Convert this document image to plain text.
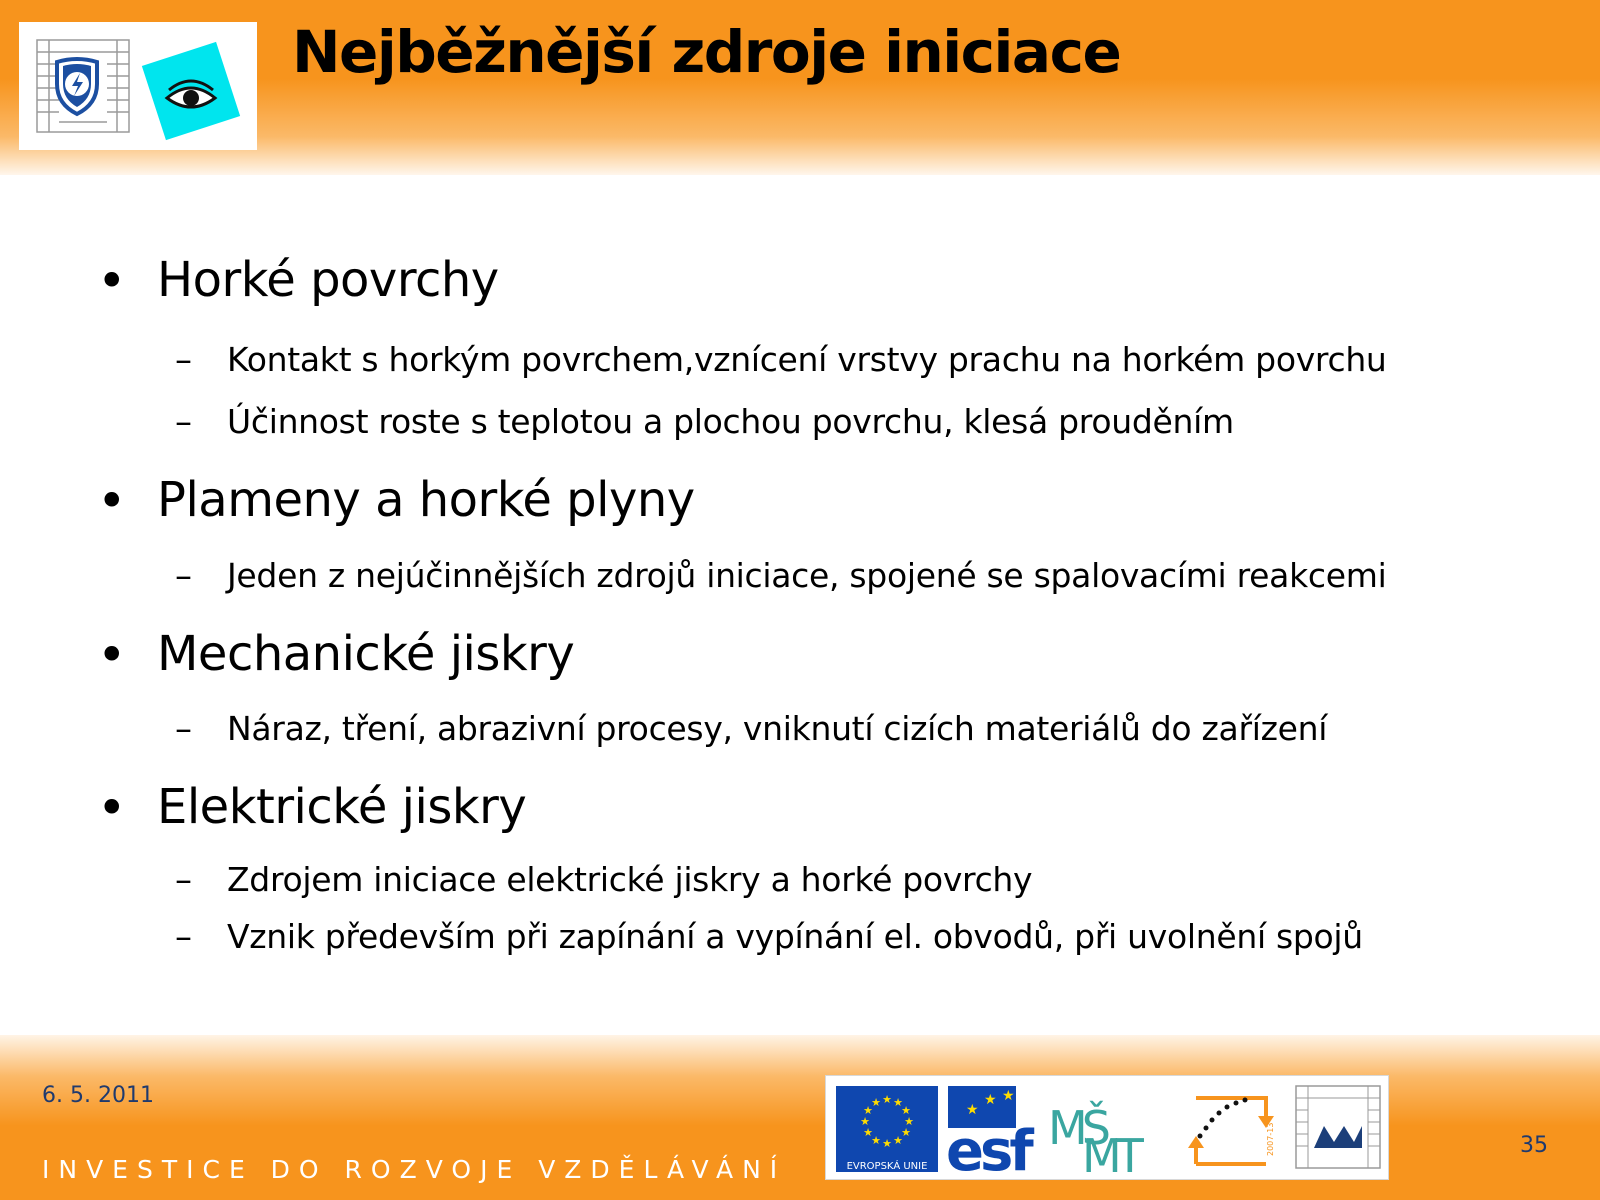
Nejběžnější zdroje iniciace
• Horké povrchy
– Kontakt s horkým povrchem,vznícení vrstvy prachu na horkém povrchu
– Účinnost roste s teplotou a plochou povrchu, klesá prouděním
• Plameny a horké plyny
– Jeden z nejúčinnějších zdrojů iniciace, spojené se spalovacími reakcemi
• Mechanické jiskry
– Náraz, tření, abrazivní procesy, vniknutí cizích materiálů do zařízení
• Elektrické jiskry
– Zdrojem iniciace elektrické jiskry a horké povrchy
– Vznik především při zapínání a vypínání el. obvodů, při uvolnění spojů
6. 5. 2011
INVESTICE DO ROZVOJE VZDĚLÁVÁNÍ
35
★ ★
★
★
★
★
★
★
★
★
★
★
EVROPSKÁ UNIE
★
★ ★
esf MŠ
MT	2007-13
